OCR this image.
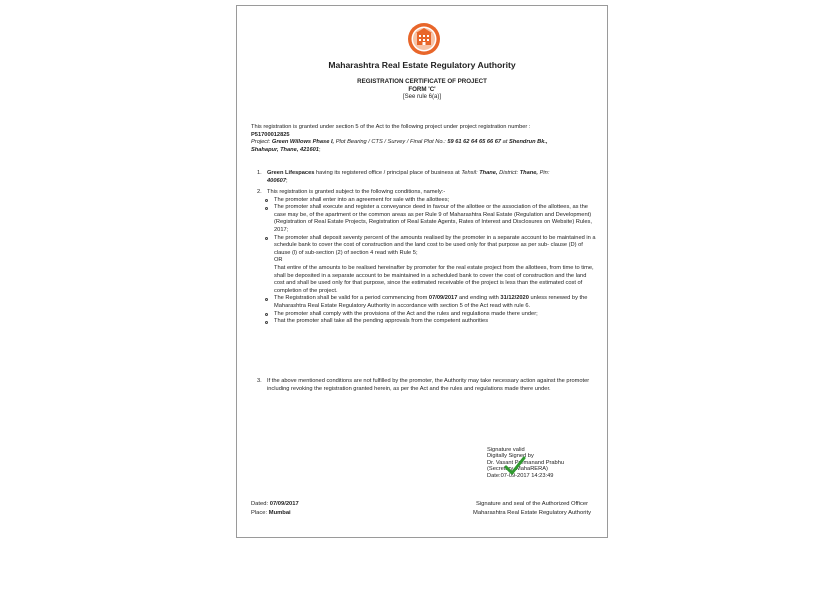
Maharashtra Real Estate Regulatory Authority
REGISTRATION CERTIFICATE OF PROJECT
FORM 'C'
[See rule 6(a)]
This registration is granted under section 5 of the Act to the following project under project registration number :
P51700012825
Project: Green Willows Phase I, Plot Bearing / CTS / Survey / Final Plot No.: 59 61 62 64 65 66 67 at Shendrun Bk.,
Shahapur, Thane, 421601;
1. Green Lifespaces having its registered office / principal place of business at Tehsil: Thane, District: Thane, Pin:
400607;
2. This registration is granted subject to the following conditions, namely:-
The promoter shall enter into an agreement for sale with the allottees;
The promoter shall execute and register a conveyance deed in favour of the allottee or the association of the allottees, as the case may be, of the apartment or the common areas as per Rule 9 of Maharashtra Real Estate (Regulation and Development) (Registration of Real Estate Projects, Registration of Real Estate Agents, Rates of Interest and Disclosures on Website) Rules, 2017;
The promoter shall deposit seventy percent of the amounts realised by the promoter in a separate account to be maintained in a schedule bank to cover the cost of construction and the land cost to be used only for that purpose as per sub- clause (D) of clause (l) of sub-section (2) of section 4 read with Rule 5;
OR
That entire of the amounts to be realised hereinafter by promoter for the real estate project from the allottees, from time to time, shall be deposited in a separate account to be maintained in a scheduled bank to cover the cost of construction and the land cost and shall be used only for that purpose, since the estimated receivable of the project is less than the estimated cost of completion of the project.
The Registration shall be valid for a period commencing from 07/09/2017 and ending with 31/12/2020 unless renewed by the Maharashtra Real Estate Regulatory Authority in accordance with section 5 of the Act read with rule 6.
The promoter shall comply with the provisions of the Act and the rules and regulations made there under;
That the promoter shall take all the pending approvals from the competent authorities
3. If the above mentioned conditions are not fulfilled by the promoter, the Authority may take necessary action against the promoter including revoking the registration granted herein, as per the Act and the rules and regulations made there under.
Signature valid
Digitally Signed by
Dr. Vasant Premanand Prabhu
(Secretary, MahaRERA)
Date:07-09-2017 14:23:49
Dated: 07/09/2017
Place: Mumbai
Signature and seal of the Authorized Officer
Maharashtra Real Estate Regulatory Authority
